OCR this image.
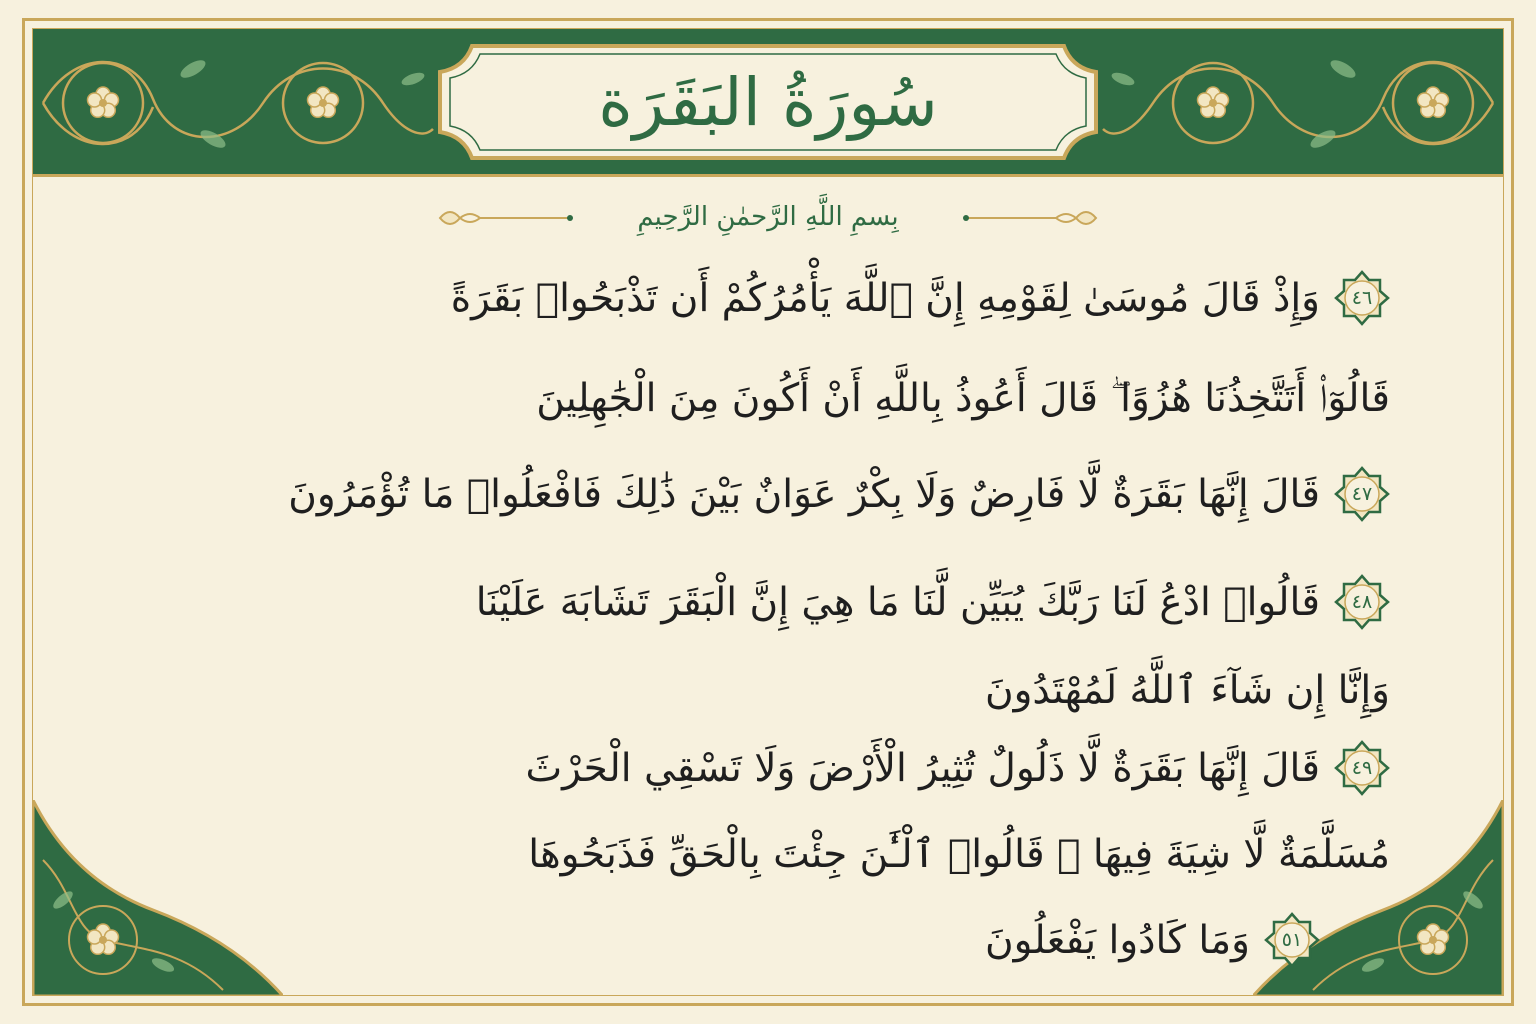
سُورَةُ البَقَرَة
بِسمِ اللَّهِ الرَّحمٰنِ الرَّحِيمِ
٤٦
وَإِذْ قَالَ مُوسَىٰ لِقَوْمِهِ إِنَّ ٱللَّهَ يَأْمُرُكُمْ أَن تَذْبَحُوا۟ بَقَرَةً
قَالُوٓا۟ أَتَتَّخِذُنَا هُزُوًا ۖ قَالَ أَعُوذُ بِاللَّهِ أَنْ أَكُونَ مِنَ الْجَٰهِلِينَ
٤٧
قَالَ إِنَّهَا بَقَرَةٌ لَّا فَارِضٌ وَلَا بِكْرٌ عَوَانٌ بَيْنَ ذَٰلِكَ فَافْعَلُوا۟ مَا تُؤْمَرُونَ
٤٨
قَالُوا۟ ادْعُ لَنَا رَبَّكَ يُبَيِّن لَّنَا مَا هِيَ إِنَّ الْبَقَرَ تَشَابَهَ عَلَيْنَا
وَإِنَّا إِن شَآءَ ٱللَّهُ لَمُهْتَدُونَ
٤٩
قَالَ إِنَّهَا بَقَرَةٌ لَّا ذَلُولٌ تُثِيرُ الْأَرْضَ وَلَا تَسْقِي الْحَرْثَ
مُسَلَّمَةٌ لَّا شِيَةَ فِيهَا ۚ قَالُوا۟ ٱلْـَٰٔنَ جِئْتَ بِالْحَقِّ فَذَبَحُوهَا
٥١
وَمَا كَادُوا يَفْعَلُونَ
